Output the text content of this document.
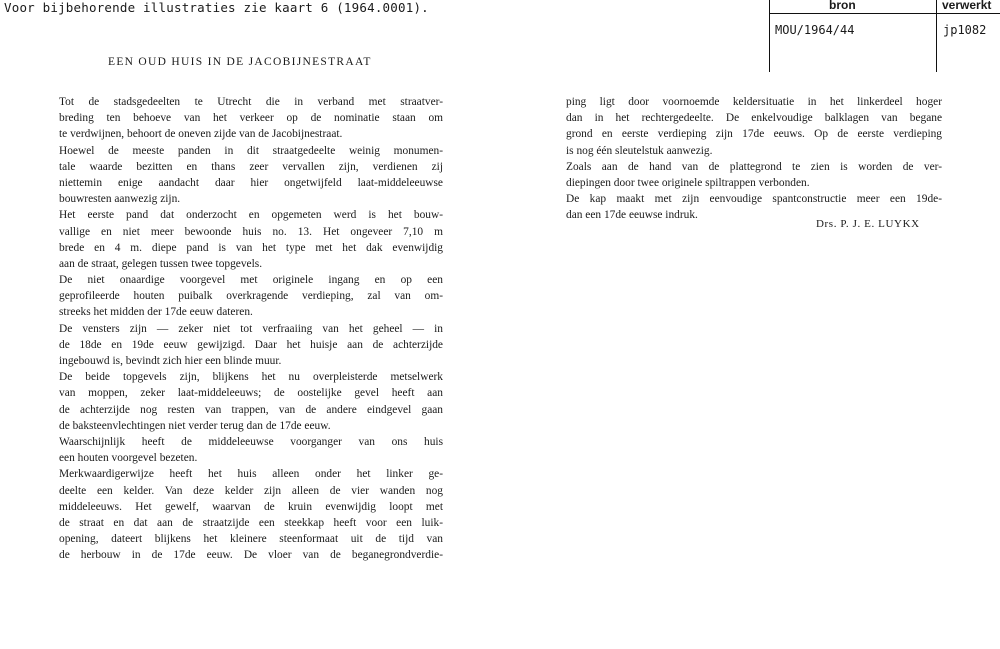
Voor bijbehorende illustraties zie kaart 6 (1964.0001).	bron	verwerkt
MOU/1964/44	jp1082
EEN OUD HUIS IN DE JACOBIJNESTRAAT
Tot de stadsgedeelten te Utrecht die in verband met straatver-
breding ten behoeve van het verkeer op de nominatie staan om
te verdwijnen, behoort de oneven zijde van de Jacobijnestraat.
Hoewel de meeste panden in dit straatgedeelte weinig monumen-
tale waarde bezitten en thans zeer vervallen zijn, verdienen zij
niettemin enige aandacht daar hier ongetwijfeld laat-middeleeuwse
bouwresten aanwezig zijn.
Het eerste pand dat onderzocht en opgemeten werd is het bouw-
vallige en niet meer bewoonde huis no. 13. Het ongeveer 7,10 m
brede en 4 m. diepe pand is van het type met het dak evenwijdig
aan de straat, gelegen tussen twee topgevels.
De niet onaardige voorgevel met originele ingang en op een
geprofileerde houten puibalk overkragende verdieping, zal van om-
streeks het midden der 17de eeuw dateren.
De vensters zijn — zeker niet tot verfraaiing van het geheel — in
de 18de en 19de eeuw gewijzigd. Daar het huisje aan de achterzijde
ingebouwd is, bevindt zich hier een blinde muur.
De beide topgevels zijn, blijkens het nu overpleisterde metselwerk
van moppen, zeker laat-middeleeuws; de oostelijke gevel heeft aan
de achterzijde nog resten van trappen, van de andere eindgevel gaan
de baksteenvlechtingen niet verder terug dan de 17de eeuw.
Waarschijnlijk heeft de middeleeuwse voorganger van ons huis
een houten voorgevel bezeten.
Merkwaardigerwijze heeft het huis alleen onder het linker ge-
deelte een kelder. Van deze kelder zijn alleen de vier wanden nog
middeleeuws. Het gewelf, waarvan de kruin evenwijdig loopt met
de straat en dat aan de straatzijde een steekkap heeft voor een luik-
opening, dateert blijkens het kleinere steenformaat uit de tijd van
de herbouw in de 17de eeuw. De vloer van de beganegrondverdie-
ping ligt door voornoemde keldersituatie in het linkerdeel hoger
dan in het rechtergedeelte. De enkelvoudige balklagen van begane
grond en eerste verdieping zijn 17de eeuws. Op de eerste verdieping
is nog één sleutelstuk aanwezig.
Zoals aan de hand van de plattegrond te zien is worden de ver-
diepingen door twee originele spiltrappen verbonden.
De kap maakt met zijn eenvoudige spantconstructie meer een 19de-
dan een 17de eeuwse indruk.
Drs. P. J. E. LUYKX
